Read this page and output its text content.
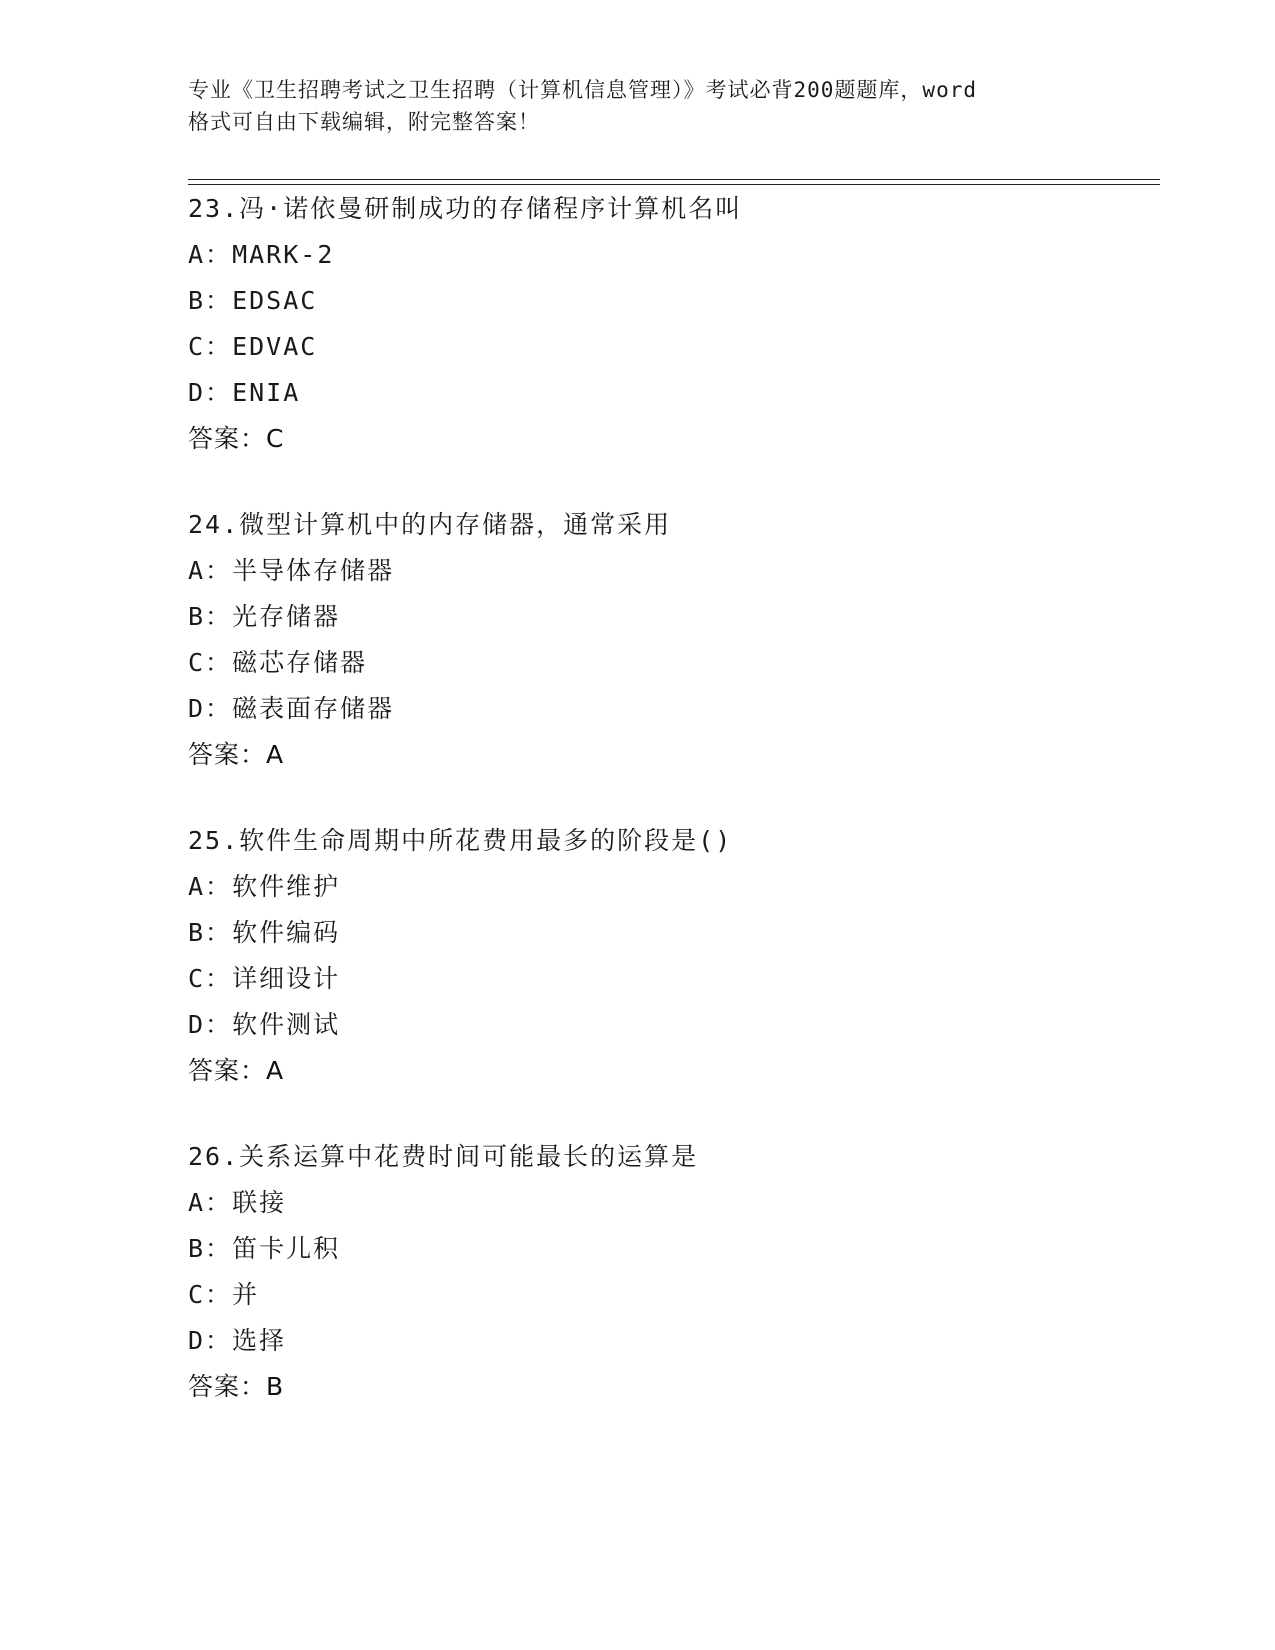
专业《卫生招聘考试之卫生招聘（计算机信息管理）》考试必背200题题库，word
格式可自由下载编辑，附完整答案！
23.冯·诺依曼研制成功的存储程序计算机名叫
A：MARK-2
B：EDSAC
C：EDVAC
D：ENIA
答案：C
24.微型计算机中的内存储器，通常采用
A：半导体存储器
B：光存储器
C：磁芯存储器
D：磁表面存储器
答案：A
25.软件生命周期中所花费用最多的阶段是()
A：软件维护
B：软件编码
C：详细设计
D：软件测试
答案：A
26.关系运算中花费时间可能最长的运算是
A：联接
B：笛卡儿积
C：并
D：选择
答案：B
